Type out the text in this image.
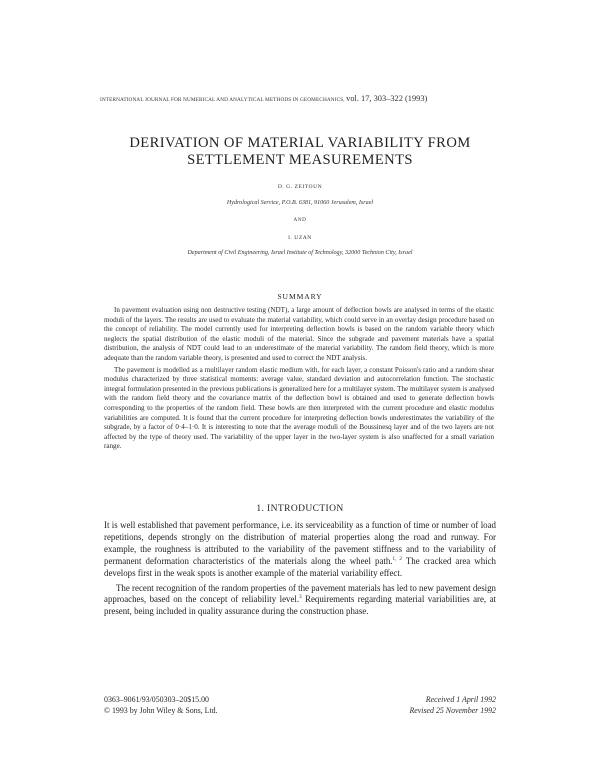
INTERNATIONAL JOURNAL FOR NUMERICAL AND ANALYTICAL METHODS IN GEOMECHANICS, vol. 17, 303–322 (1993)
DERIVATION OF MATERIAL VARIABILITY FROM
SETTLEMENT MEASUREMENTS
D. G. ZEITOUN
Hydrological Service, P.O.B. 6381, 91060 Jerusalem, Israel
AND
I. UZAN
Department of Civil Engineering, Israel Institute of Technology, 32000 Technion City, Israel
SUMMARY

In pavement evaluation using non destructive testing (NDT), a large amount of deflection bowls are analysed in terms of the elastic moduli of the layers. The results are used to evaluate the material variability, which could serve in an overlay design procedure based on the concept of reliability. The model currently used for interpreting deflection bowls is based on the random variable theory which neglects the spatial distribution of the elastic moduli of the material. Since the subgrade and pavement materials have a spatial distribution, the analysis of NDT could lead to an underestimate of the material variability. The random field theory, which is more adequate than the random variable theory, is presented and used to correct the NDT analysis.

The pavement is modelled as a multilayer random elastic medium with, for each layer, a constant Poisson's ratio and a random shear modulus characterized by three statistical moments: average value, standard deviation and autocorrelation function. The stochastic integral formulation presented in the previous publications is generalized here for a multilayer system. The multilayer system is analysed with the random field theory and the covariance matrix of the deflection bowl is obtained and used to generate deflection bowls corresponding to the properties of the random field. These bowls are then interpreted with the current procedure and elastic modulus variabilities are computed. It is found that the current procedure for interpreting deflection bowls underestimates the variability of the subgrade, by a factor of 0·4–1·0. It is interesting to note that the average moduli of the Boussinesq layer and of the two layers are not affected by the type of theory used. The variability of the upper layer in the two-layer system is also unaffected for a small variation range.

1. INTRODUCTION

It is well established that pavement performance, i.e. its serviceability as a function of time or number of load repetitions, depends strongly on the distribution of material properties along the road and runway. For example, the roughness is attributed to the variability of the pavement stiffness and to the variability of permanent deformation characteristics of the materials along the wheel path.$^{1, 2}$ The cracked area which develops first in the weak spots is another example of the material variability effect.

The recent recognition of the random properties of the pavement materials has led to new pavement design approaches, based on the concept of reliability level.$^3$ Requirements regarding material variabilities are, at present, being included in quality assurance during the construction phase.

0363–9061/93/050303–20$15.00
© 1993 by John Wiley & Sons, Ltd.
Received 1 April 1992
Revised 25 November 1992
